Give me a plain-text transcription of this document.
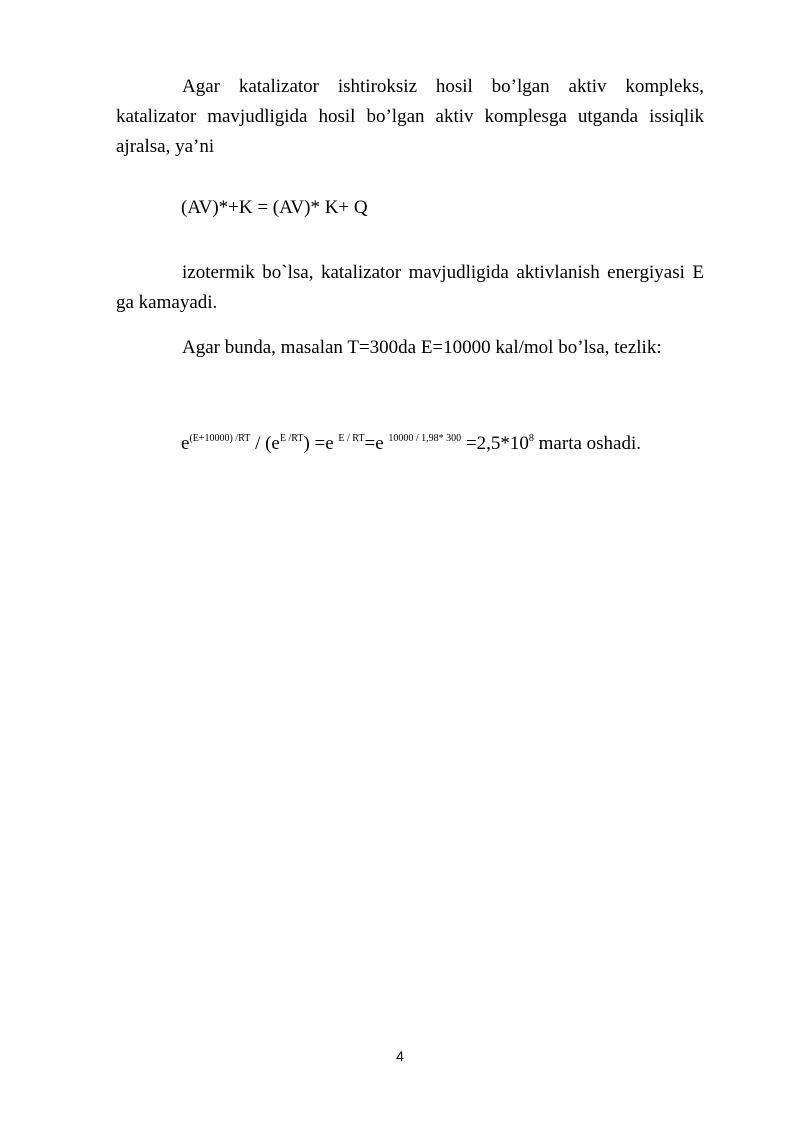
Agar katalizator ishtiroksiz hosil bo’lgan aktiv kompleks, katalizator mavjudligida hosil bo’lgan aktiv komplesga utganda issiqlik ajralsa, ya’ni

(AV)*+K = (AV)* K+ Q

izotermik bo`lsa, katalizator mavjudligida aktivlanish energiyasi E ga kamayadi.

Agar bunda, masalan T=300da E=10000 kal/mol bo’lsa, tezlik:

$e^{(E+10000) /RT} / (e^{E /RT}) =e$ $^{E / RT}$=e $^{10000 / 1,98* 300} =2,5*10^8$ marta oshadi.

4
